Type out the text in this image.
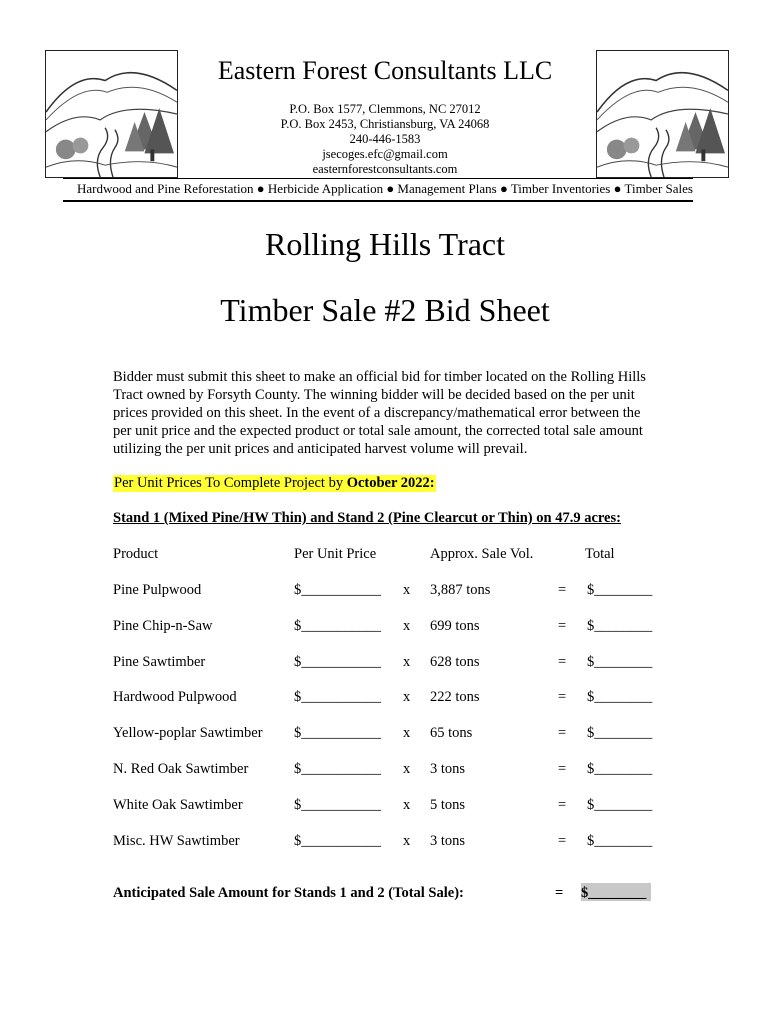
Eastern Forest Consultants LLC
P.O. Box 1577, Clemmons, NC 27012
P.O. Box 2453, Christiansburg, VA 24068
240-446-1583
jsecoges.efc@gmail.com
easternforestconsultants.com
Hardwood and Pine Reforestation ● Herbicide Application ● Management Plans ● Timber Inventories ● Timber Sales
Rolling Hills Tract
Timber Sale #2 Bid Sheet
Bidder must submit this sheet to make an official bid for timber located on the Rolling Hills Tract owned by Forsyth County. The winning bidder will be decided based on the per unit prices provided on this sheet. In the event of a discrepancy/mathematical error between the per unit price and the expected product or total sale amount, the corrected total sale amount utilizing the per unit prices and anticipated harvest volume will prevail.
Per Unit Prices To Complete Project by October 2022:
Stand 1 (Mixed Pine/HW Thin) and Stand 2 (Pine Clearcut or Thin) on 47.9 acres:
Product	Per Unit Price	Approx. Sale Vol.	Total
Pine Pulpwood	$___________ x 3,887 tons	= $________
Pine Chip-n-Saw	$___________ x 699 tons	= $________
Pine Sawtimber	$___________ x 628 tons	= $________
Hardwood Pulpwood	$___________ x 222 tons	= $________
Yellow-poplar Sawtimber $___________ x 65 tons	= $________
N. Red Oak Sawtimber	$___________ x 3 tons	= $________
White Oak Sawtimber	$___________ x 5 tons	= $________
Misc. HW Sawtimber	$___________ x 3 tons	= $________
Anticipated Sale Amount for Stands 1 and 2 (Total Sale):	= $________
